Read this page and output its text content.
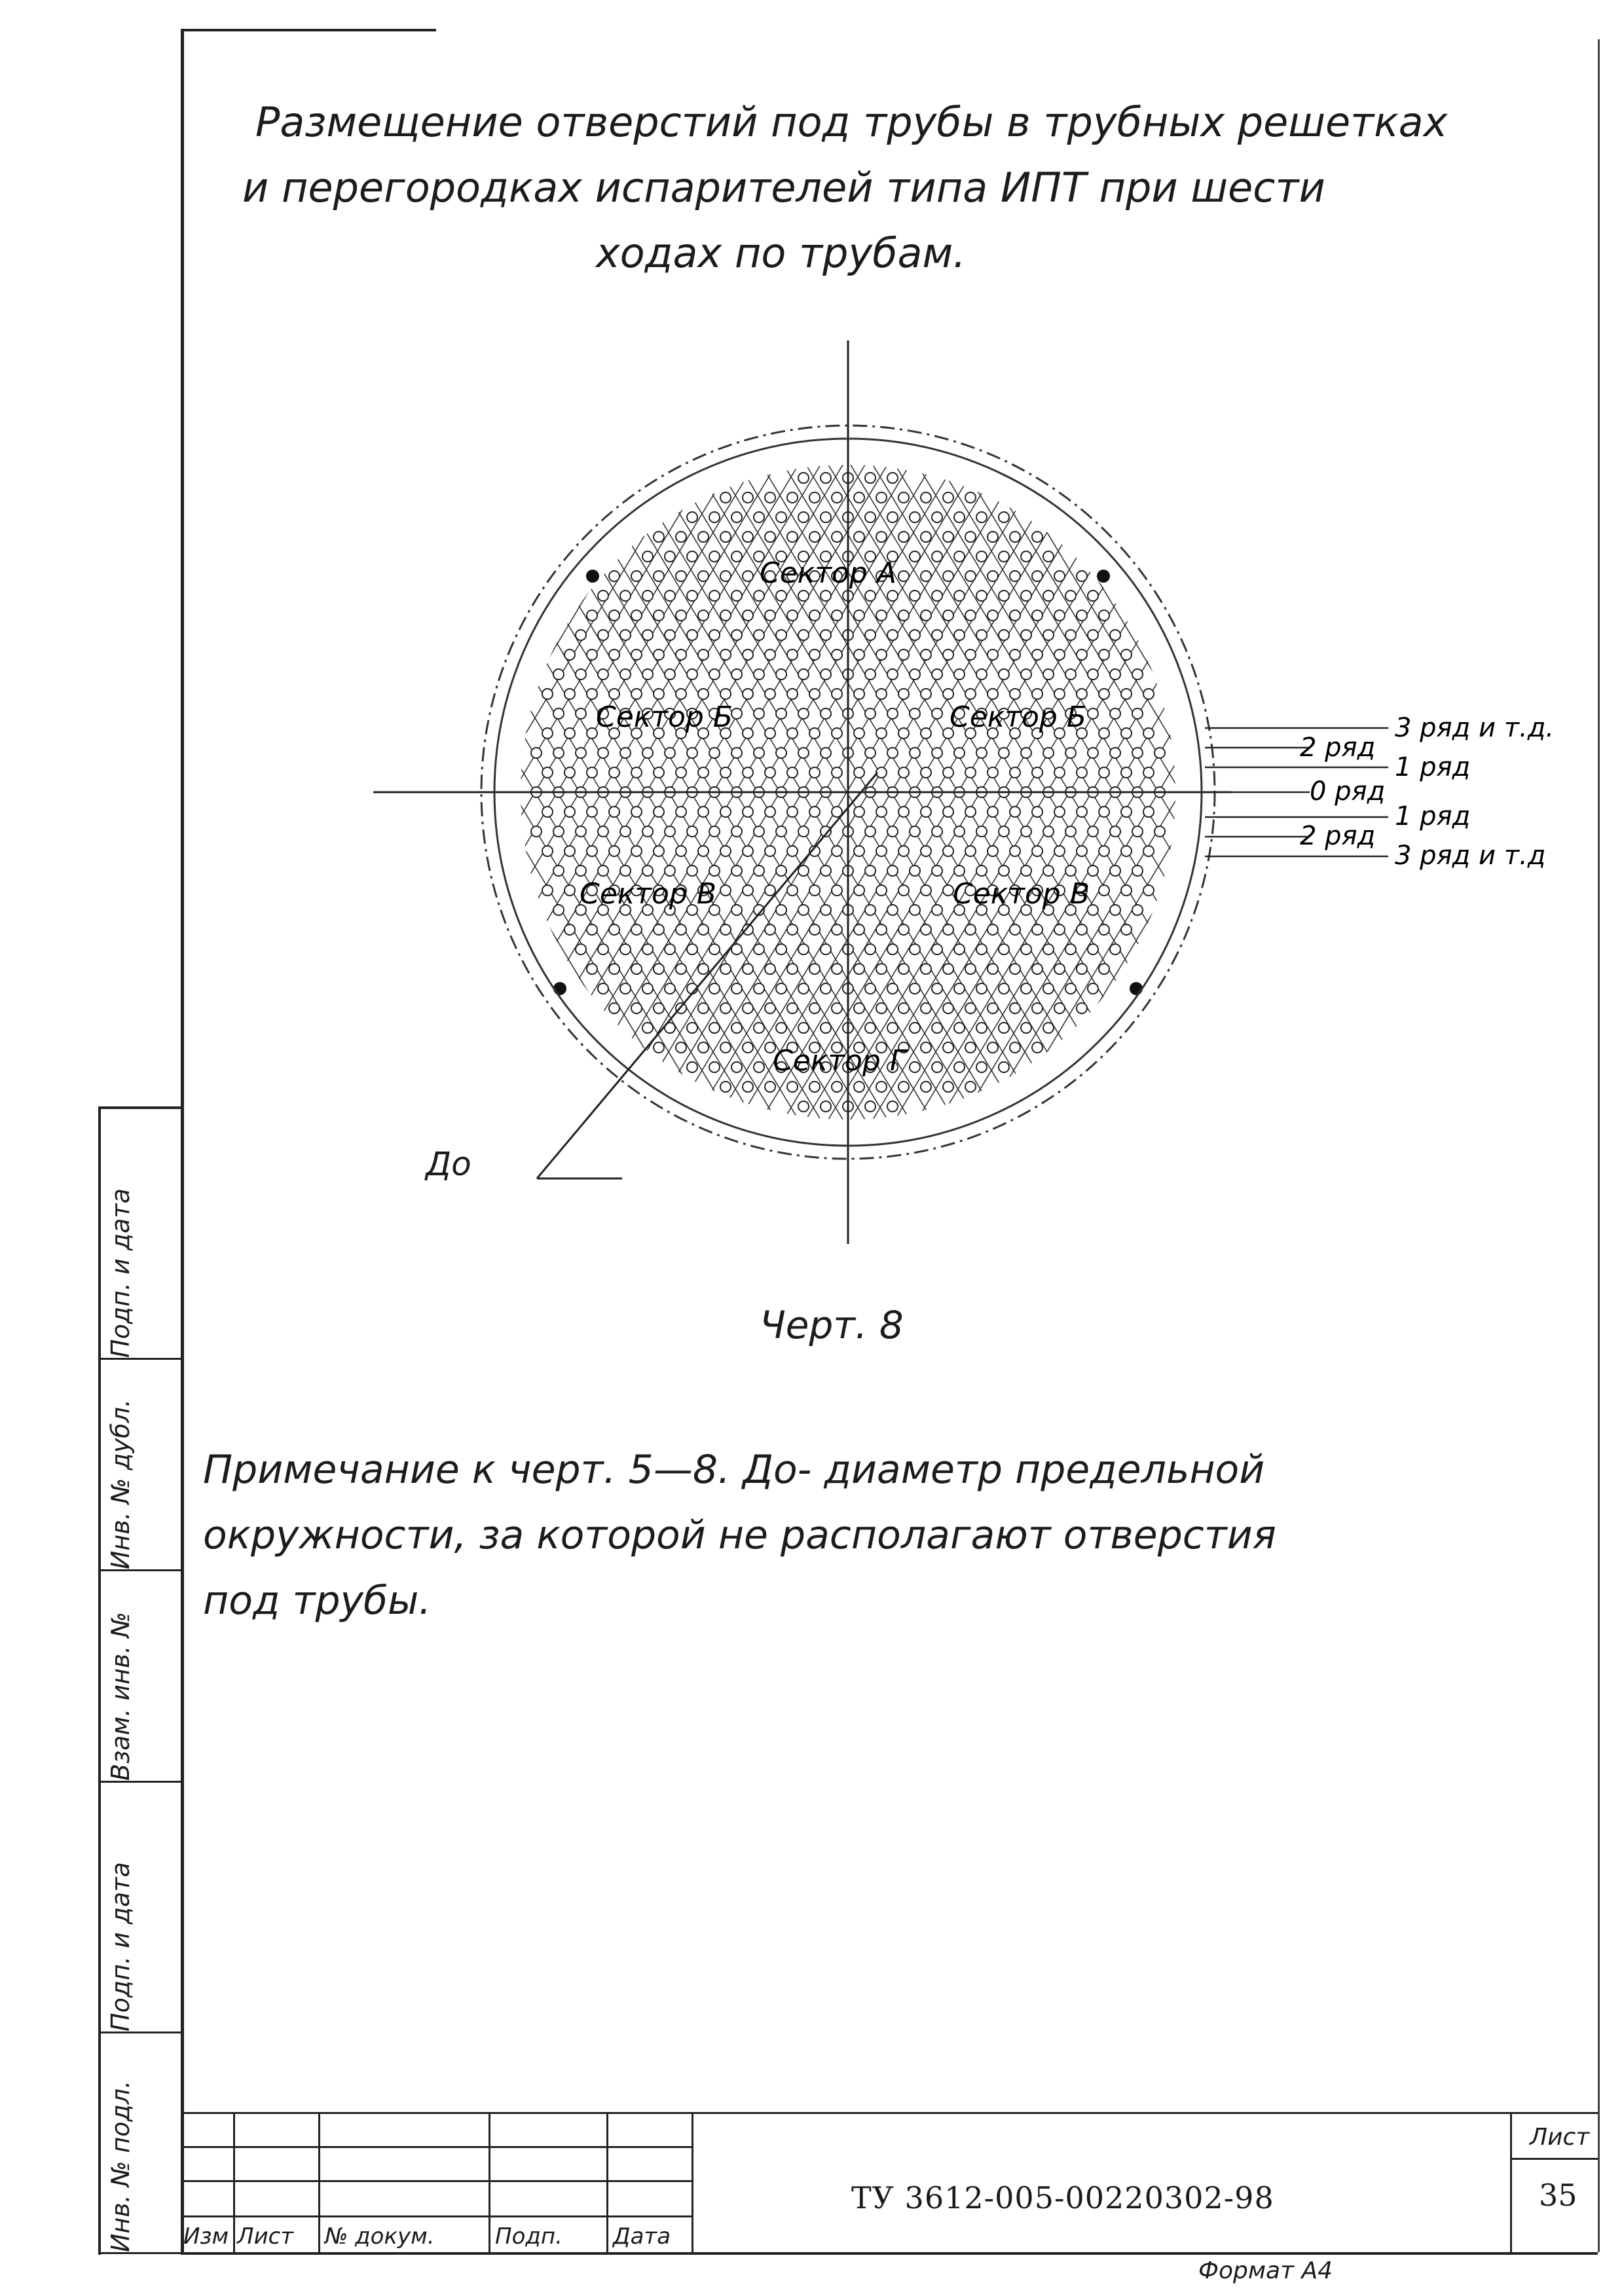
Размещение отверстий под трубы в трубных решетках
и перегородках испарителей типа ИПТ при шести
ходах по трубам.
До
Сектор А
Сектор Б	Сектор Б
Сектор В	Сектор В
Сектор Г
3 ряд и т.д.
2 ряд
1 ряд
0 ряд
1 ряд
2 ряд
3 ряд и т.д
Черт. 8
Примечание к черт. 5—8. До- диаметр предельной
окружности, за которой не располагают отверстия
под трубы.
Подп. и дата
Инв. № дубл.
Взам. инв. №
Подп. и дата
Инв. № подл. Изм Лист № докум.	Подп. Дата
ТУ 3612-005-00220302-98
Лист
35
Формат А4
